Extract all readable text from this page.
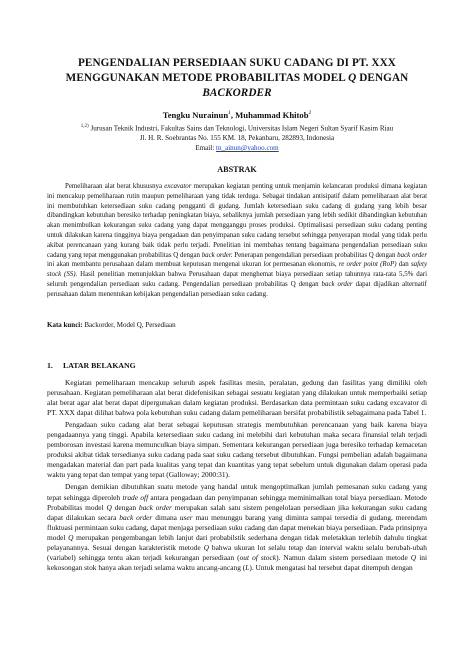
PENGENDALIAN PERSEDIAAN SUKU CADANG DI PT. XXX
MENGGUNAKAN METODE PROBABILITAS MODEL Q DENGAN
BACKORDER
Tengku Nurainun$^1$, Muhammad Khitob$^2$
$^{1,2)}$ Jurusan Teknik Industri, Fakultas Sains dan Teknologi, Universitas Islam Negeri Sultan Syarif Kasim Riau
Jl. H. R. Soebrantas No. 155 KM. 18, Pekanbaru, 282893, Indonesia
Email: tn_ainun@yahoo.com
ABSTRAK

Pemeliharaan alat berat khususnya excavator merupakan kegiatan penting untuk menjamin kelancaran produksi dimana kegiatan ini mencakup pemeliharaan rutin maupun pemeliharaan yang tidak terduga. Sebagai tindakan antisipatif dalam pemeliharaan alat berat ini membutuhkan ketersediaan suku cadang pengganti di gudang. Jumlah ketersediaan suku cadang di gudang yang lebih besar dibandingkan kebutuhan beresiko terhadap peningkatan biaya, sebaliknya jumlah persediaan yang lebih sedikit dibandingkan kebutuhan akan menimbulkan kekurangan suku cadang yang dapat mengganggu proses produksi. Optimalisasi persediaan suku cadang penting untuk dilakukan karena tingginya biaya pengadaan dan penyimpanan suku cadang tersebut sehingga penyerapan modal yang tidak perlu akibat perencanaan yang kurang baik tidak perlu terjadi. Penelitian ini membahas tentang bagaimana pengendalian persediaan suku cadang yang tepat menggunakan probabilitas Q dengan back order. Penerapan pengendalian persediaan probabilitas Q dengan back order ini akan membantu perusahaan dalam membuat keputusan mengenai ukuran lot permesanan ekonomis, re order point (RoP) dan safety stock (SS). Hasil penelitian menunjukkan bahwa Perusahaan dapat menghemat biaya persediaan setiap tahunnya rata-rata 5,5% dari seluruh pengendalian persediaan suku cadang. Pengendalian persediaan probabilitas Q dengan back order dapat dijadikan alternatif perusahaan dalam menentukan kebijakan pengendalian persediaan suku cadang.

Kata kunci: Backorder, Model Q, Persediaan
1. LATAR BELAKANG

Kegiatan pemeliharaan mencakup seluruh aspek fasilitas mesin, peralatan, gedung dan fasilitas yang dimiliki oleh perusahaan. Kegiatan pemeliharaan alat berat didefenisikan sebagai sesuatu kegiatan yang dilakukan untuk memperbaiki setiap alat berat agar alat berat dapat dipergunakan dalam kegiatan produksi. Berdasarkan data permintaan suku cadang excavator di PT. XXX dapat dilihat bahwa pola kebutuhan suku cadang dalam pemeliharaan bersifat probabilistik sebagaimana pada Tabel 1.

Pengadaan suku cadang alat berat sebagai keputusan strategis membutuhkan perencanaan yang baik karena biaya pengadaannya yang tinggi. Apabila ketersediaan suku cadang ini melebihi dari kebutuhan maka secara finansial telah terjadi pemborosan investasi karena memunculkan biaya simpan. Sementara kekurangan persediaan juga beresiko terhadap kemacetan produksi akibat tidak tersedianya suku cadang pada saat suku cadang tersebut dibutuhkan. Fungsi pembelian adalah bagaimana mengadakan material dan part pada kualitas yang tepat dan kuantitas yang tepat sebelum untuk digunakan dalam operasi pada waktu yang tepat dan tempat yang tepat (Galloway; 2000:31).

Dengan demikian dibutuhkan suatu metode yang handal untuk mengoptimalkan jumlah pemesanan suku cadang yang tepat sehingga diperoleh trade off antara pengadaan dan penyimpanan sehingga meminimalkan total biaya persediaan. Metode Probabilitas model Q dengan back order merupakan salah satu sistem pengelolaan persediaan jika kekurangan suku cadang dapat dilakukan secara back order dimana user mau menunggu barang yang diminta sampai tersedia di gudang, merendam fluktuasi permintaan suku cadang, dapat menjaga persediaan suku cadang dan dapat menekan biaya persediaan. Pada prinsipnya model Q merupakan pengembangan lebih lanjut dari probabilstik sederhana dengan tidak meletakkan terlebih dahulu tingkat pelayanannya. Sesuai dengan karakteristik metode Q bahwa ukuran lot selalu tetap dan interval waktu selalu berubah-ubah (variabel) sehingga tentu akan terjadi kekurangan persediaan (out of stock). Namun dalam sistem persediaan metode Q ini kekosongan stok hanya akan terjadi selama waktu ancang-ancang (L). Untuk mengatasi hal tersebut dapat ditempuh dengan
